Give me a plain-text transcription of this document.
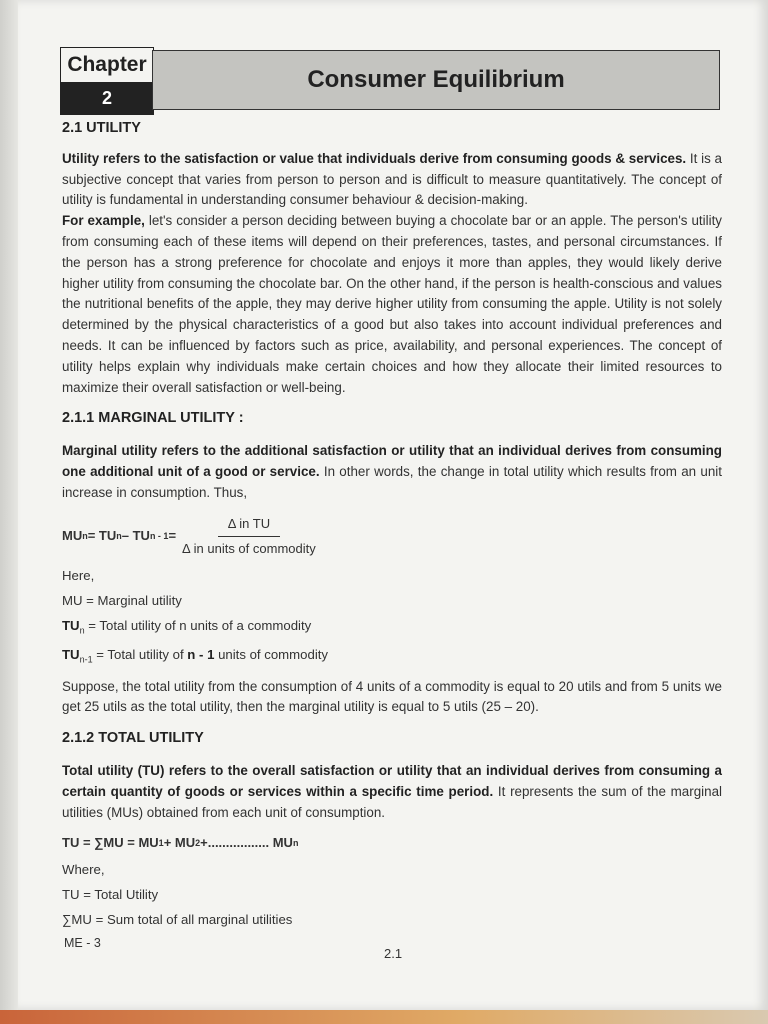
Chapter
2
Consumer Equilibrium
2.1 UTILITY

Utility refers to the satisfaction or value that individuals derive from consuming goods & services. It is a subjective concept that varies from person to person and is difficult to measure quantitatively. The concept of utility is fundamental in understanding consumer behaviour & decision-making.

For example, let's consider a person deciding between buying a chocolate bar or an apple. The person's utility from consuming each of these items will depend on their preferences, tastes, and personal circumstances. If the person has a strong preference for chocolate and enjoys it more than apples, they would likely derive higher utility from consuming the chocolate bar. On the other hand, if the person is health-conscious and values the nutritional benefits of the apple, they may derive higher utility from consuming the apple. Utility is not solely determined by the physical characteristics of a good but also takes into account individual preferences and needs. It can be influenced by factors such as price, availability, and personal experiences. The concept of utility helps explain why individuals make certain choices and how they allocate their limited resources to maximize their overall satisfaction or well-being.

2.1.1 MARGINAL UTILITY :

Marginal utility refers to the additional satisfaction or utility that an individual derives from consuming one additional unit of a good or service. In other words, the change in total utility which results from an unit increase in consumption. Thus,

MU n = TU n – TU $n - 1 = \frac{\text{Δ in TU}}{\text{Δ in units of commodity}}$
Here,
MU = Marginal utility
$TU_n$ = Total utility of n units of a commodity
$TU_{n-1}$ = Total utility of n - 1 units of commodity

Suppose, the total utility from the consumption of 4 units of a commodity is equal to 20 utils and from 5 units we get 25 utils as the total utility, then the marginal utility is equal to 5 utils (25 – 20).

2.1.2 TOTAL UTILITY

Total utility (TU) refers to the overall satisfaction or utility that an individual derives from consuming a certain quantity of goods or services within a specific time period. It represents the sum of the marginal utilities (MUs) obtained from each unit of consumption.

TU = ∑MU = MU 1 + MU 2 +................. MU n
Where,
TU = Total Utility
∑MU = Sum total of all marginal utilities
ME - 3
2.1
